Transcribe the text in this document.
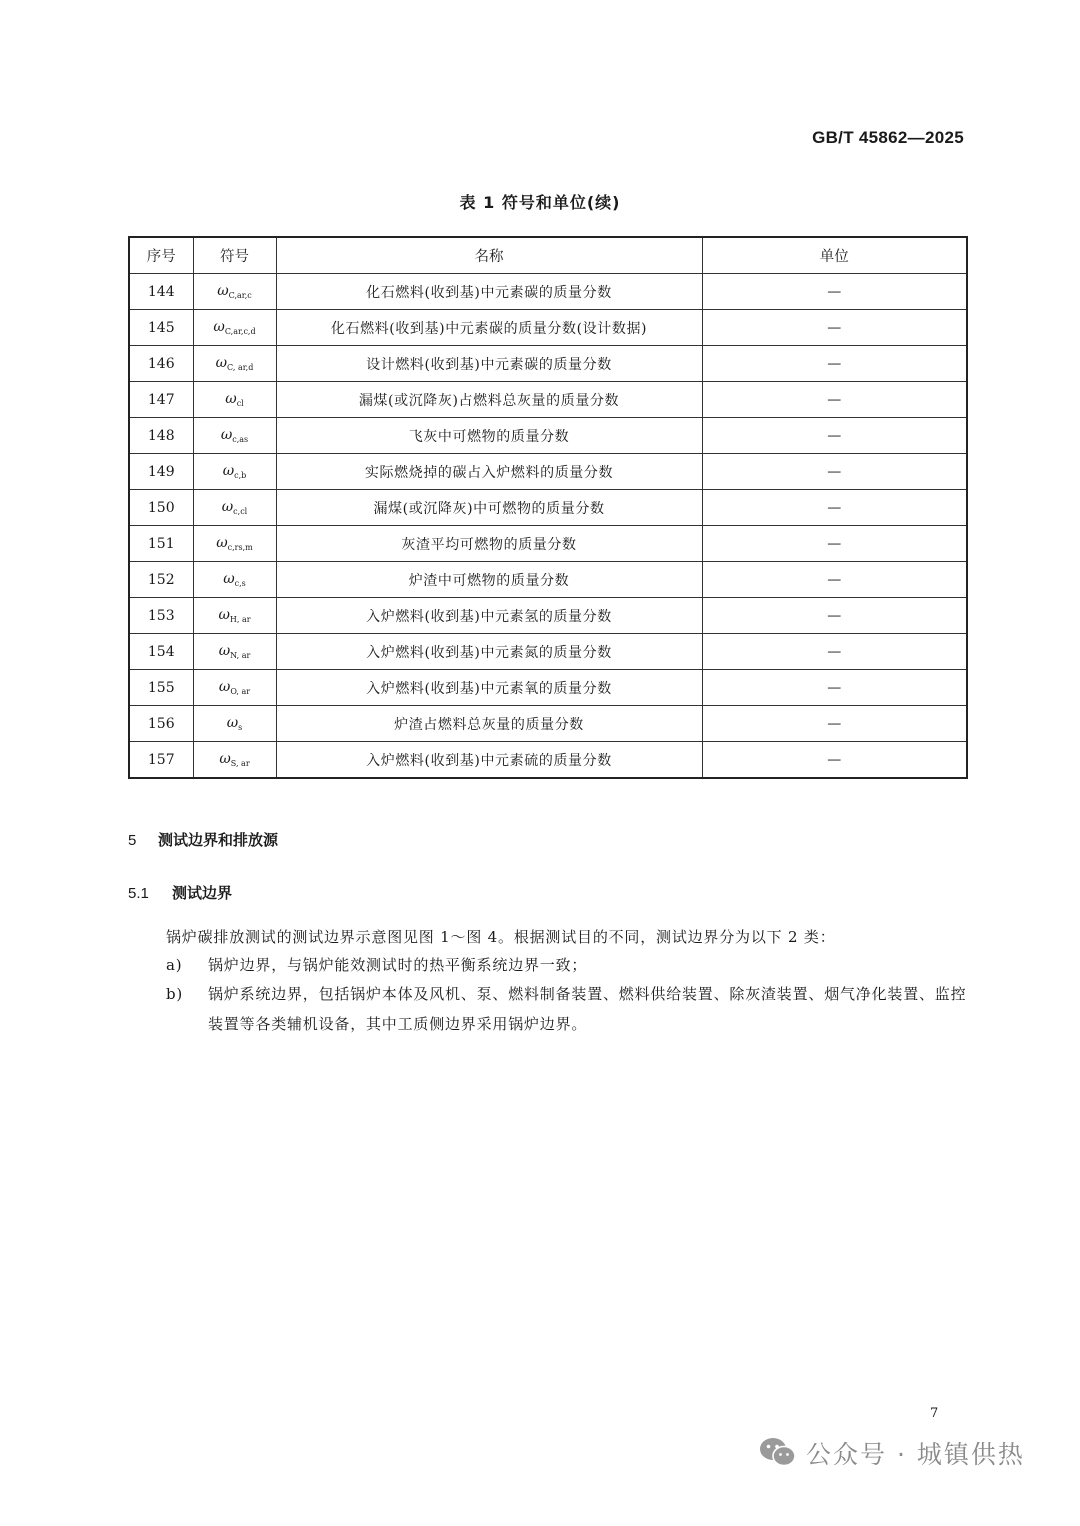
GB/T 45862—2025
表 1 符号和单位(续)
序号	符号	名称	单位
144	$\omega_{C,ar,c}$	化石燃料(收到基)中元素碳的质量分数	—
145	$\omega_{C,ar,c,d}$	化石燃料(收到基)中元素碳的质量分数(设计数据)	—
146	$\omega_{C, ar,d}$	设计燃料(收到基)中元素碳的质量分数	—
147	$\omega_{cl}$	漏煤(或沉降灰)占燃料总灰量的质量分数	—
148	$\omega_{c,as}$	飞灰中可燃物的质量分数	—
149	$\omega_{c,b}$	实际燃烧掉的碳占入炉燃料的质量分数	—
150	$\omega_{c,cl}$	漏煤(或沉降灰)中可燃物的质量分数	—
151	$\omega_{c,rs,m}$	灰渣平均可燃物的质量分数	—
152	$\omega_{c,s}$	炉渣中可燃物的质量分数	—
153	$\omega_{H, ar}$	入炉燃料(收到基)中元素氢的质量分数	—
154	$\omega_{N, ar}$	入炉燃料(收到基)中元素氮的质量分数	—
155	$\omega_{O, ar}$	入炉燃料(收到基)中元素氧的质量分数	—
156	$\omega_s$	炉渣占燃料总灰量的质量分数	—
157	$\omega_{S, ar}$	入炉燃料(收到基)中元素硫的质量分数	—
5 测试边界和排放源
5.1 测试边界
锅炉碳排放测试的测试边界示意图见图 1～图 4。根据测试目的不同，测试边界分为以下 2 类：
a)	锅炉边界，与锅炉能效测试时的热平衡系统边界一致；
b)	锅炉系统边界，包括锅炉本体及风机、泵、燃料制备装置、燃料供给装置、除灰渣装置、烟气净化装置、监控装置等各类辅机设备，其中工质侧边界采用锅炉边界。
7
公众号 · 城镇供热
